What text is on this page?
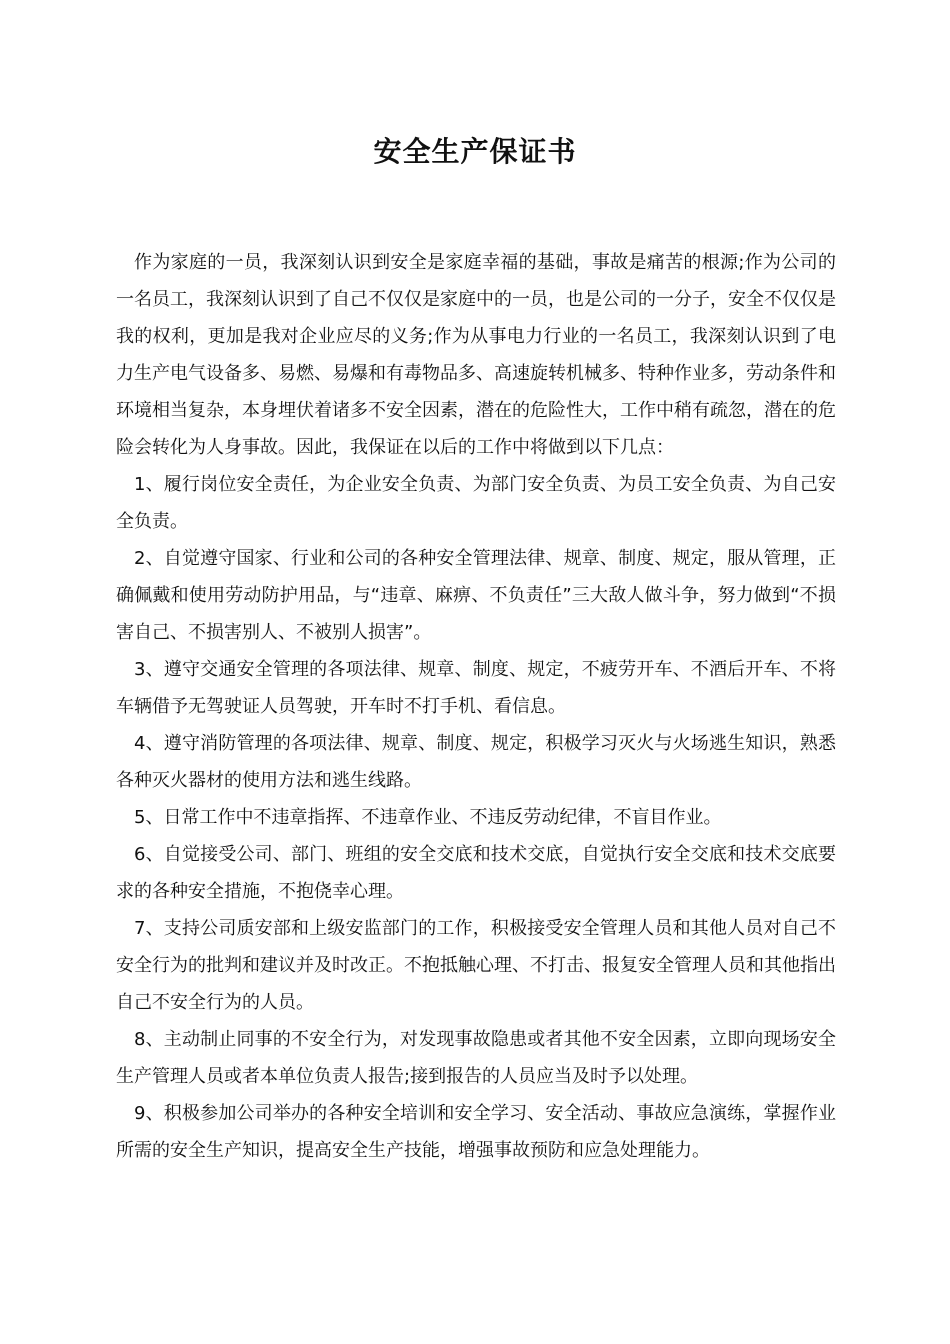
安全生产保证书

作为家庭的一员，我深刻认识到安全是家庭幸福的基础，事故是痛苦的根源;作为公司的一名员工，我深刻认识到了自己不仅仅是家庭中的一员，也是公司的一分子，安全不仅仅是我的权利，更加是我对企业应尽的义务;作为从事电力行业的一名员工，我深刻认识到了电力生产电气设备多、易燃、易爆和有毒物品多、高速旋转机械多、特种作业多，劳动条件和环境相当复杂，本身埋伏着诸多不安全因素，潜在的危险性大，工作中稍有疏忽，潜在的危险会转化为人身事故。因此，我保证在以后的工作中将做到以下几点：

1、履行岗位安全责任，为企业安全负责、为部门安全负责、为员工安全负责、为自己安全负责。

2、自觉遵守国家、行业和公司的各种安全管理法律、规章、制度、规定，服从管理，正确佩戴和使用劳动防护用品，与“违章、麻痹、不负责任”三大敌人做斗争，努力做到“不损害自己、不损害别人、不被别人损害”。

3、遵守交通安全管理的各项法律、规章、制度、规定，不疲劳开车、不酒后开车、不将车辆借予无驾驶证人员驾驶，开车时不打手机、看信息。

4、遵守消防管理的各项法律、规章、制度、规定，积极学习灭火与火场逃生知识，熟悉各种灭火器材的使用方法和逃生线路。

5、日常工作中不违章指挥、不违章作业、不违反劳动纪律，不盲目作业。

6、自觉接受公司、部门、班组的安全交底和技术交底，自觉执行安全交底和技术交底要求的各种安全措施，不抱侥幸心理。

7、支持公司质安部和上级安监部门的工作，积极接受安全管理人员和其他人员对自己不安全行为的批判和建议并及时改正。不抱抵触心理、不打击、报复安全管理人员和其他指出自己不安全行为的人员。

8、主动制止同事的不安全行为，对发现事故隐患或者其他不安全因素，立即向现场安全生产管理人员或者本单位负责人报告;接到报告的人员应当及时予以处理。

9、积极参加公司举办的各种安全培训和安全学习、安全活动、事故应急演练，掌握作业所需的安全生产知识，提高安全生产技能，增强事故预防和应急处理能力。
